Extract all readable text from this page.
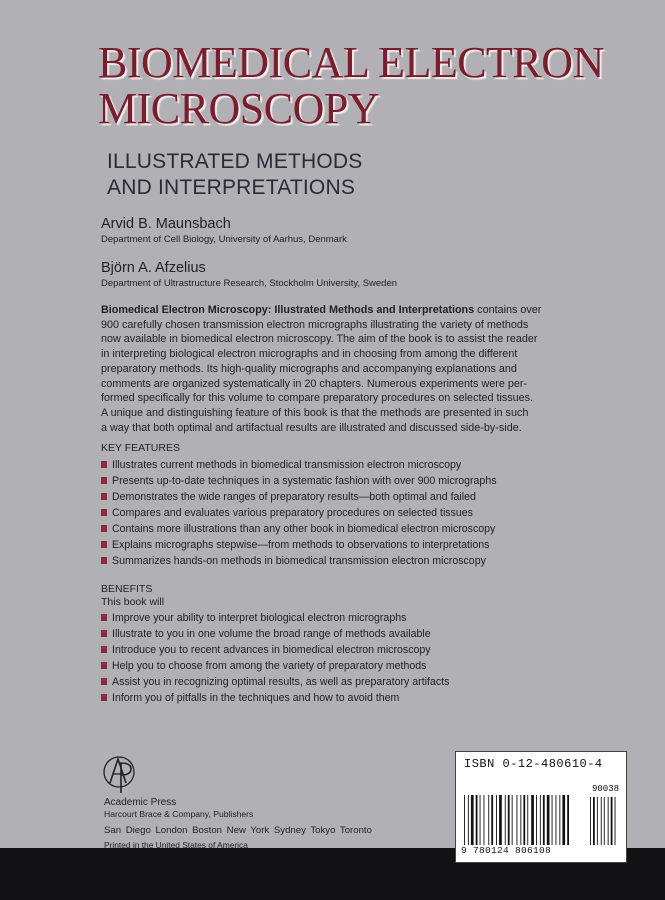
BIOMEDICAL ELECTRON
MICROSCOPY
ILLUSTRATED METHODS
AND INTERPRETATIONS
Arvid B. Maunsbach
Department of Cell Biology, University of Aarhus, Denmark
Björn A. Afzelius
Department of Ultrastructure Research, Stockholm University, Sweden
Biomedical Electron Microscopy: Illustrated Methods and Interpretations contains over
900 carefully chosen transmission electron micrographs illustrating the variety of methods
now available in biomedical electron microscopy. The aim of the book is to assist the reader
in interpreting biological electron micrographs and in choosing from among the different
preparatory methods. Its high-quality micrographs and accompanying explanations and
comments are organized systematically in 20 chapters. Numerous experiments were per-
formed specifically for this volume to compare preparatory procedures on selected tissues.
A unique and distinguishing feature of this book is that the methods are presented in such
a way that both optimal and artifactual results are illustrated and discussed side-by-side.
KEY FEATURES
Illustrates current methods in biomedical transmission electron microscopy
Presents up-to-date techniques in a systematic fashion with over 900 micrographs
Demonstrates the wide ranges of preparatory results—both optimal and failed
Compares and evaluates various preparatory procedures on selected tissues
Contains more illustrations than any other book in biomedical electron microscopy
Explains micrographs stepwise—from methods to observations to interpretations
Summarizes hands-on methods in biomedical transmission electron microscopy
BENEFITS
This book will
Improve your ability to interpret biological electron micrographs
Illustrate to you in one volume the broad range of methods available
Introduce you to recent advances in biomedical electron microscopy
Help you to choose from among the variety of preparatory methods
Assist you in recognizing optimal results, as well as preparatory artifacts
Inform you of pitfalls in the techniques and how to avoid them
Academic Press
Harcourt Brace & Company, Publishers
San Diego London Boston New York Sydney Tokyo Toronto
Printed in the United States of America
ISBN 0-12-480610-4
90038
9 780124 806108
